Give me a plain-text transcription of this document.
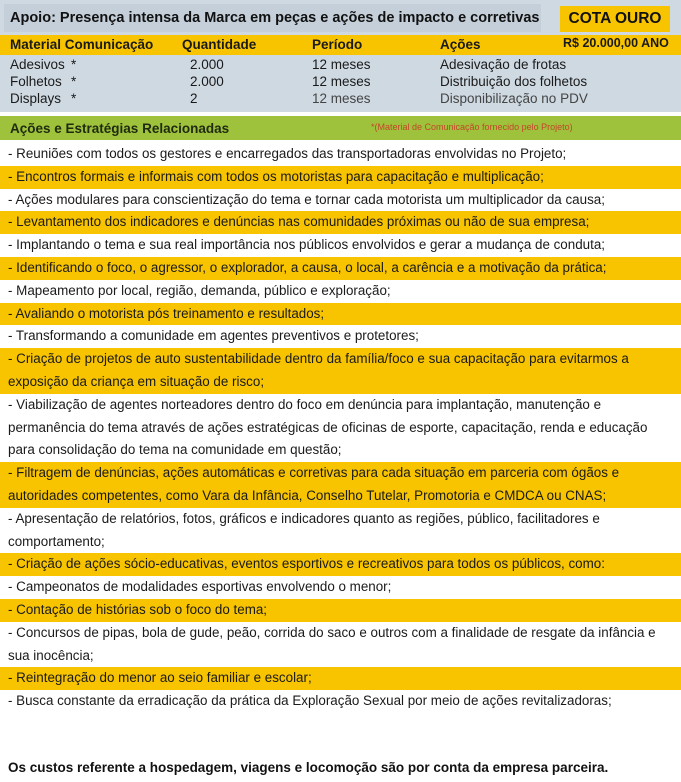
Apoio: Presença intensa da Marca em peças e ações de impacto e corretivas	COTA OURO
Material Comunicação Quantidade	Período	Ações	R$ 20.000,00 ANO
Adesivos *	2.000	12 meses	Adesivação de frotas
Folhetos *	2.000	12 meses	Distribuição dos folhetos
Displays *	2	12 meses	Disponibilização no PDV
Ações e Estratégias Relacionadas	*(Material de Comunicação fornecido pelo Projeto)
- Reuniões com todos os gestores e encarregados das transportadoras envolvidas no Projeto;
- Encontros formais e informais com todos os motoristas para capacitação e multiplicação;
- Ações modulares para conscientização do tema e tornar cada motorista um multiplicador da causa;
- Levantamento dos indicadores e denúncias nas comunidades próximas ou não de sua empresa;
- Implantando o tema e sua real importância nos públicos envolvidos e gerar a mudança de conduta;
- Identificando o foco, o agressor, o explorador, a causa, o local, a carência e a motivação da prática;
- Mapeamento por local, região, demanda, público e exploração;
- Avaliando o motorista pós treinamento e resultados;
- Transformando a comunidade em agentes preventivos e protetores;
- Criação de projetos de auto sustentabilidade dentro da família/foco e sua capacitação para evitarmos a exposição da criança em situação de risco;
- Viabilização de agentes norteadores dentro do foco em denúncia para implantação, manutenção e permanência do tema através de ações estratégicas de oficinas de esporte, capacitação, renda e educação para consolidação do tema na comunidade em questão;
- Filtragem de denúncias, ações automáticas e corretivas para cada situação em parceria com ógãos e autoridades competentes, como Vara da Infância, Conselho Tutelar, Promotoria e CMDCA ou CNAS;
- Apresentação de relatórios, fotos, gráficos e indicadores quanto as regiões, público, facilitadores e comportamento;
- Criação de ações sócio-educativas, eventos esportivos e recreativos para todos os públicos, como:
- Campeonatos de modalidades esportivas envolvendo o menor;
- Contação de histórias sob o foco do tema;
- Concursos de pipas, bola de gude, peão, corrida do saco e outros com a finalidade de resgate da infância e sua inocência;
- Reintegração do menor ao seio familiar e escolar;
- Busca constante da erradicação da prática da Exploração Sexual por meio de ações revitalizadoras;
Os custos referente a hospedagem, viagens e locomoção são por conta da empresa parceira.
